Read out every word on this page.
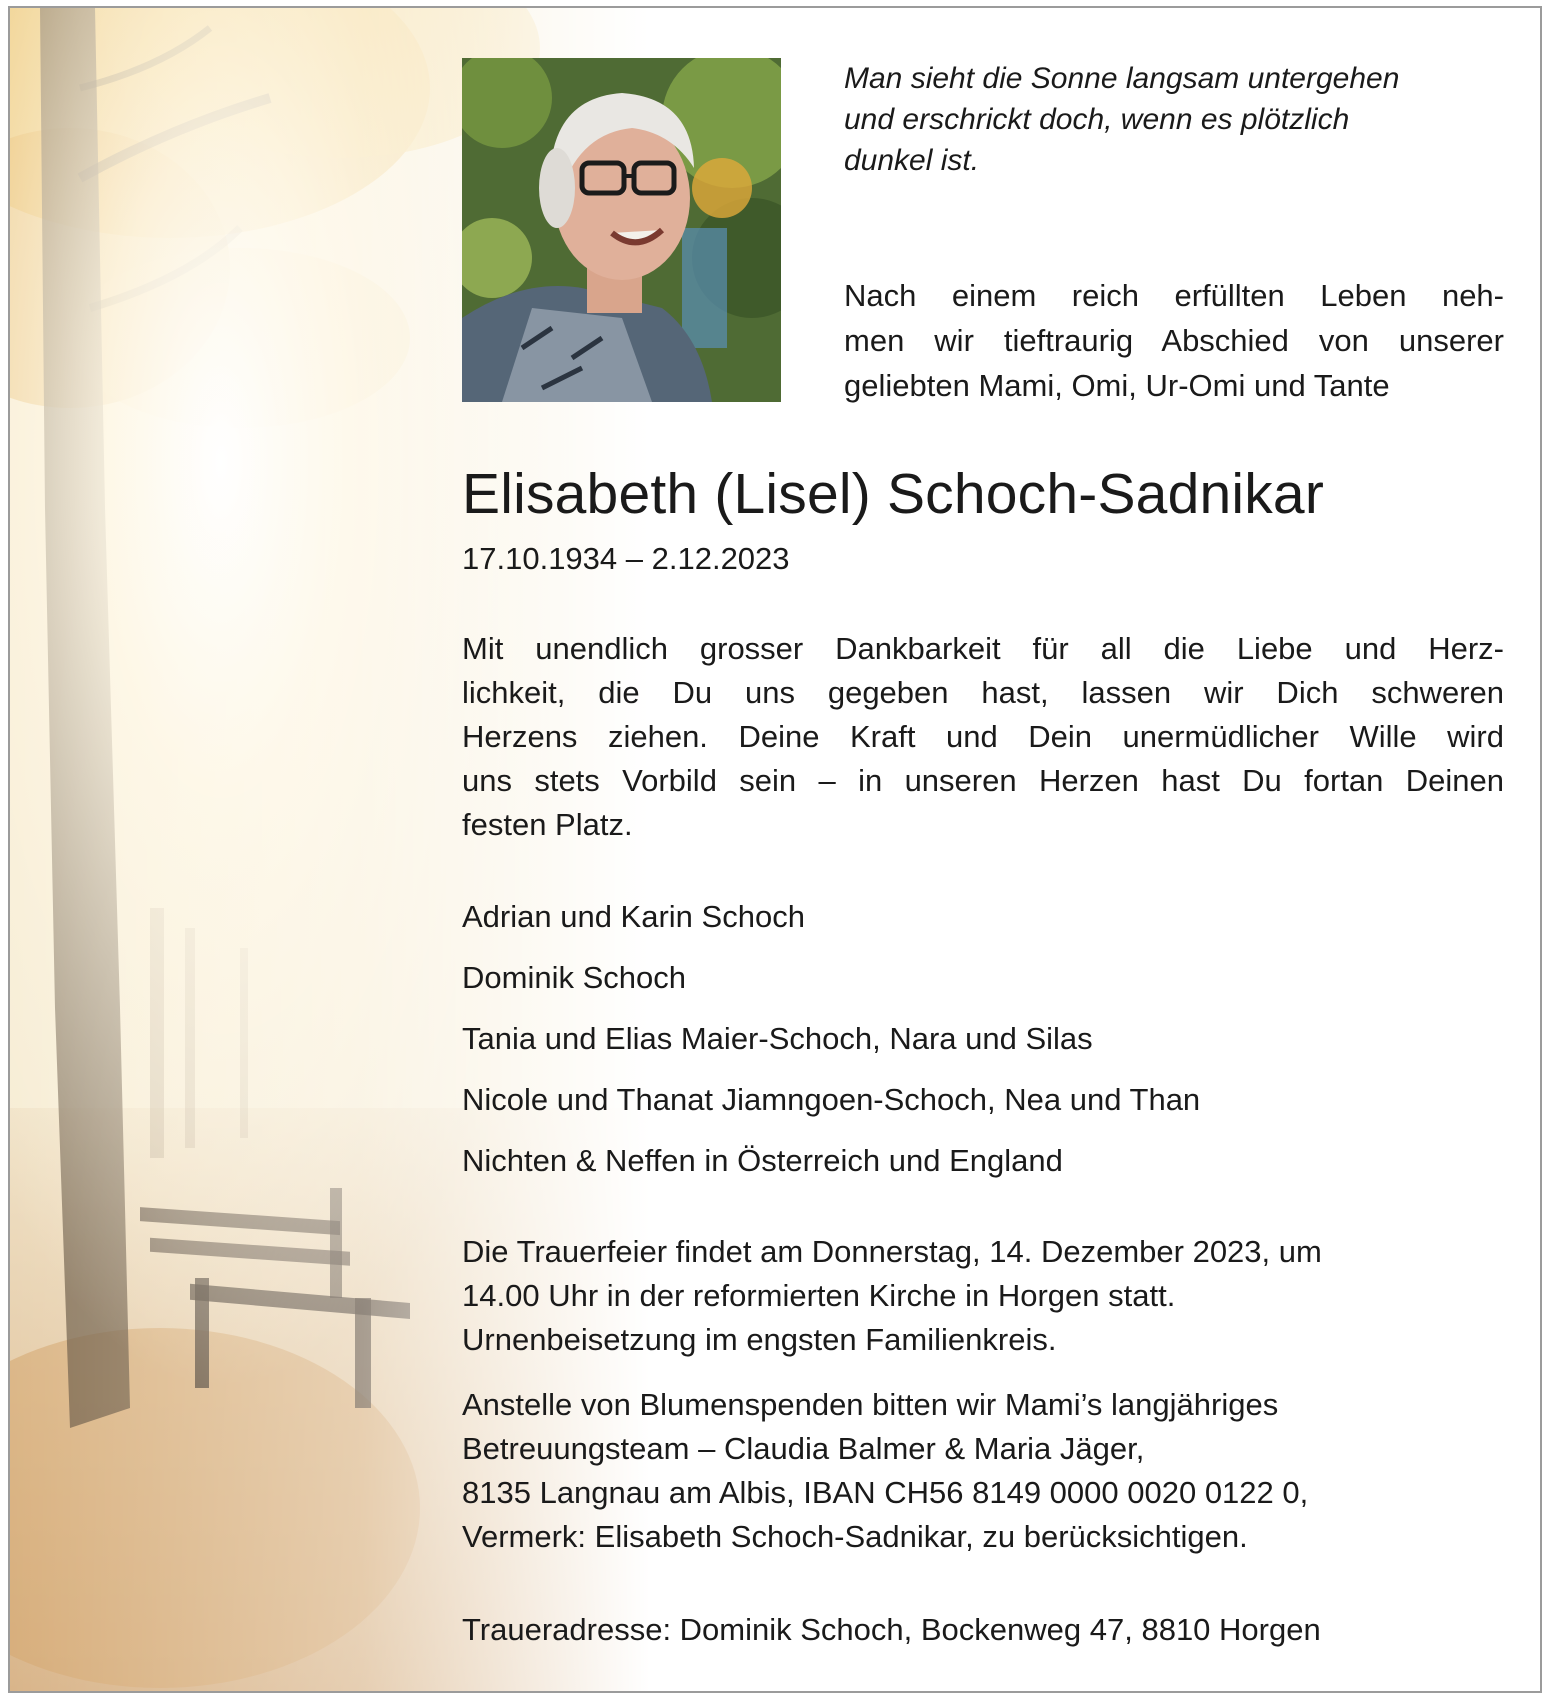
Man sieht die Sonne langsam untergehen
und erschrickt doch, wenn es plötzlich
dunkel ist.

Nach einem reich erfüllten Leben neh-
men wir tieftraurig Abschied von unserer
geliebten Mami, Omi, Ur-Omi und Tante

Elisabeth (Lisel) Schoch-Sadnikar

17.10.1934 – 2.12.2023

Mit unendlich grosser Dankbarkeit für all die Liebe und Herz-
lichkeit, die Du uns gegeben hast, lassen wir Dich schweren
Herzens ziehen. Deine Kraft und Dein unermüdlicher Wille wird
uns stets Vorbild sein – in unseren Herzen hast Du fortan Deinen
festen Platz.

Adrian und Karin Schoch
Dominik Schoch
Tania und Elias Maier-Schoch, Nara und Silas
Nicole und Thanat Jiamngoen-Schoch, Nea und Than
Nichten & Neffen in Österreich und England

Die Trauerfeier findet am Donnerstag, 14. Dezember 2023, um
14.00 Uhr in der reformierten Kirche in Horgen statt.
Urnenbeisetzung im engsten Familienkreis.

Anstelle von Blumenspenden bitten wir Mami’s langjähriges
Betreuungsteam – Claudia Balmer & Maria Jäger,
8135 Langnau am Albis, IBAN CH56 8149 0000 0020 0122 0,
Vermerk: Elisabeth Schoch-Sadnikar, zu berücksichtigen.

Traueradresse: Dominik Schoch, Bockenweg 47, 8810 Horgen
